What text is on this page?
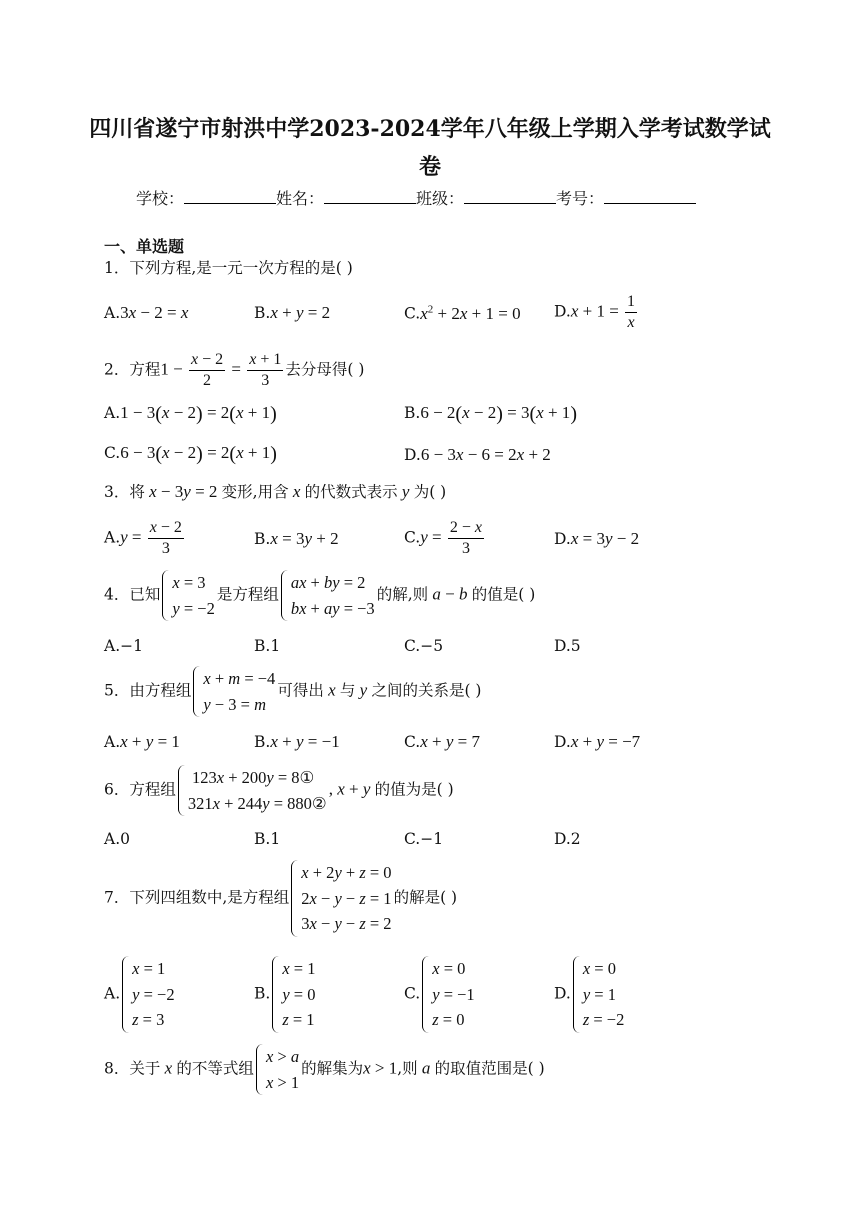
四川省遂宁市射洪中学2023-2024学年八年级上学期入学考试数学试
卷
学校：	姓名：	班级：	考号：
一、单选题
1．下列方程,是一元一次方程的是( )
A.3x − 2 = x	B.x + y = 2	$C.x^2 + 2x + 1 = 0$ $D.x + 1 = \frac{1}{x}$
2．方程$1 - \frac{x - 2}{2} = \frac{x + 1}{3}$ 去分母得( )
A.1 − 3(x − 2) = 2(x + 1)	B.6 − 2(x − 2) = 3(x + 1)
C.6 − 3(x − 2) = 2(x + 1)	D.6 − 3x − 6 = 2x + 2
3．将 x − 3y = 2 变形,用含 x 的代数式表示 y 为( )
$A.y = \frac{x - 2}{3}$	B.x = 3y + 2	$C.y = \frac{2 - x}{3}$	D.x = 3y − 2
4．已知
x = 3
y = −2
是方程组
ax + by = 2
bx + ay = −3
的解,则 a − b 的值是( )
A.−1	B.1	C.−5	D.5
5．由方程组
x + m = −4
y − 3 = m
可得出 x 与 y 之间的关系是( )
A.x + y = 1	B.x + y = −1	C.x + y = 7	D.x + y = −7
6．方程组
123x + 200y = 8①
321x + 244y = 880②
, x + y 的值为是( )
A.0	B.1	C.−1	D.2
7．下列四组数中,是方程组
x + 2y + z = 0
2x − y − z = 1
3x − y − z = 2
的解是( )
A.
x = 1
y = −2
z = 3
B.
x = 1
y = 0
z = 1
C.
x = 0
y = −1
z = 0
D.
x = 0
y = 1
z = −2
8．关于 x 的不等式组
x > a
x > 1
的解集为x > 1,则 a 的取值范围是( )
